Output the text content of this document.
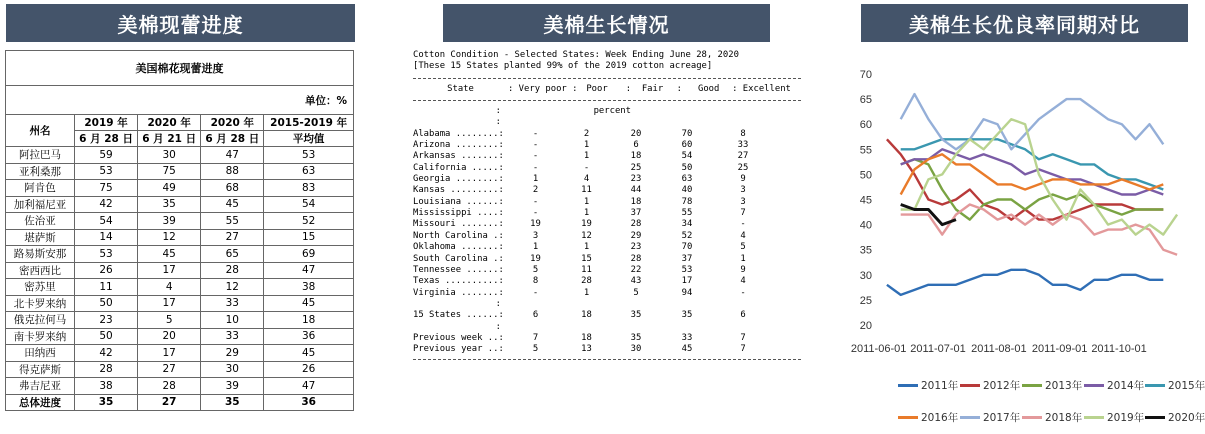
美棉现蕾进度	美棉生长情况	美棉生长优良率同期对比
美国棉花现蕾进度				
单位：%				
州名	2019 年	2020 年	2020 年	2015-2019 年
	6 月 28 日	6 月 21 日	6 月 28 日	平均值
阿拉巴马	59	30	47	53
亚利桑那	53	75	88	63
阿肯色	75	49	68	83
加利福尼亚	42	35	45	54
佐治亚	54	39	55	52
堪萨斯	14	12	27	15
路易斯安那	53	45	65	69
密西西比	26	17	28	47
密苏里	11	4	12	38
北卡罗来纳	50	17	33	45
俄克拉何马	23	5	10	18
南卡罗来纳	50	20	33	36
田纳西	42	17	29	45
得克萨斯	28	27	30	26
弗吉尼亚	38	28	39	47
总体进度	35	27	35	36
Cotton Condition - Selected States: Week Ending June 28, 2020
[These 15 States planted 99% of the 2019 cotton acreage]
State	: Very poor : Poor	:  Fair	:   Good	: Excellent
:	percent
:
Alabama ........:	-	2	20	70	8
Arizona ........:	-	1	6	60	33
Arkansas .......:	-	1	18	54	27
California .....:	-	-	25	50	25
Georgia ........:	1	4	23	63	9
Kansas .........:	2	11	44	40	3
Louisiana ......:	-	1	18	78	3
Mississippi ....:	-	1	37	55	7
Missouri .......:	19	19	28	34	-
North Carolina .:	3	12	29	52	4
Oklahoma .......:	1	1	23	70	5
South Carolina .:	19	15	28	37	1
Tennessee ......:	5	11	22	53	9
Texas ..........:	8	28	43	17	4
Virginia .......:	-	1	5	94	-
:
15 States ......:	6	18	35	35	6
:
Previous week ..:	7	18	35	33	7
Previous year ..:	5	13	30	45	7
20
25
30
35
40
45
50
55
60
65
70
2011-06-01 2011-07-01 2011-08-01 2011-09-01 2011-10-01
2011年 2012年 2013年 2014年 2015年
2016年 2017年 2018年 2019年 2020年
